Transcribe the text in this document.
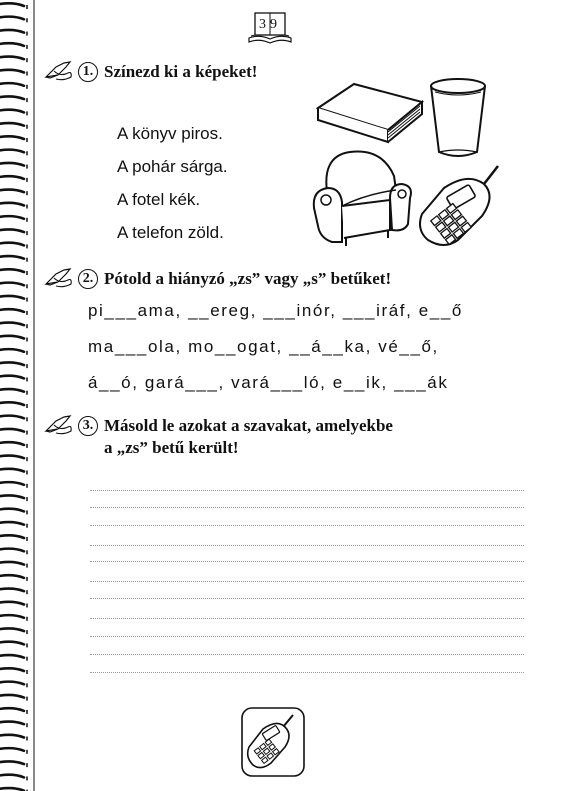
39
1. Színezd ki a képeket!
A könyv piros.
A pohár sárga.
A fotel kék.
A telefon zöld.
2. Pótold a hiányzó „zs” vagy „s” betűket!
pi___ama, __ereg, ___inór, ___iráf, e__ő
ma___ola, mo__ogat, __á__ka, vé__ő,
á__ó, gará___, vará___ló, e__ik, ___ák
3. Másold le azokat a szavakat, amelyekbe
a „zs” betű került!
